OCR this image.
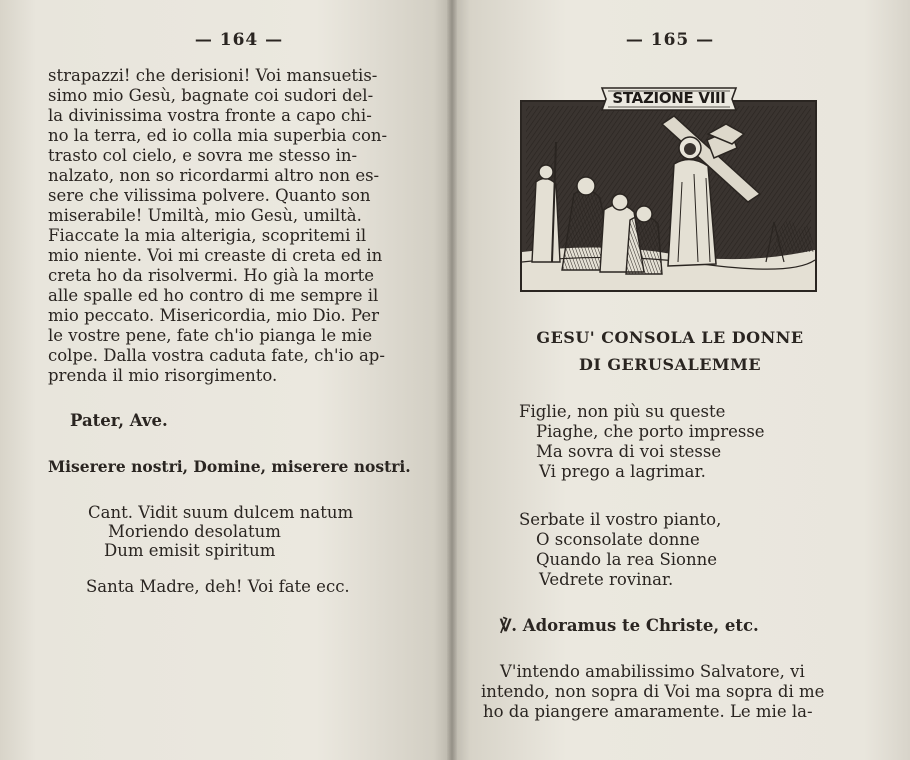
— 164 —
strapazzi! che derisioni! Voi mansuetis-
simo mio Gesù, bagnate coi sudori del-
la divinissima vostra fronte a capo chi-
no la terra, ed io colla mia superbia con-
trasto col cielo, e sovra me stesso in-
nalzato, non so ricordarmi altro non es-
sere che vilissima polvere. Quanto son
miserabile! Umiltà, mio Gesù, umiltà.
Fiaccate la mia alterigia, scopritemi il
mio niente. Voi mi creaste di creta ed in
creta ho da risolvermi. Ho già la morte
alle spalle ed ho contro di me sempre il
mio peccato. Misericordia, mio Dio. Per
le vostre pene, fate ch'io pianga le mie
colpe. Dalla vostra caduta fate, ch'io ap-
prenda il mio risorgimento.
Pater, Ave.
Miserere nostri, Domine, miserere nostri.
Cant. Vidit suum dulcem natum
Moriendo desolatum
Dum emisit spiritum
Santa Madre, deh! Voi fate ecc.
— 165 —
STAZIONE VIII
GESU' CONSOLA LE DONNE
DI GERUSALEMME
Figlie, non più su queste
Piaghe, che porto impresse
Ma sovra di voi stesse
Vi prego a lagrimar.
Serbate il vostro pianto,
O sconsolate donne
Quando la rea Sionne
Vedrete rovinar.
℣. Adoramus te Christe, etc.
V'intendo amabilissimo Salvatore, vi
intendo, non sopra di Voi ma sopra di me
ho da piangere amaramente. Le mie la-
